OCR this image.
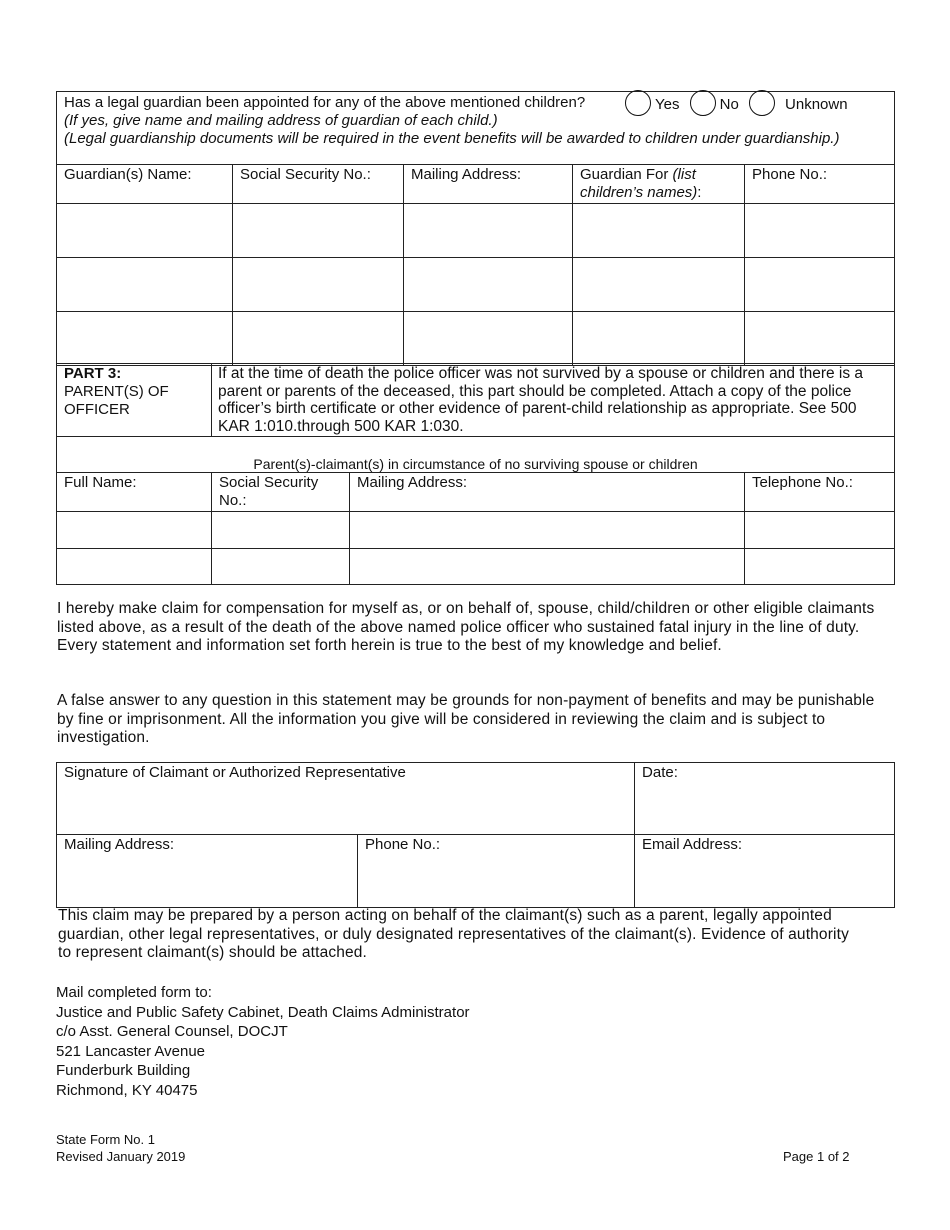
Has a legal guardian been appointed for any of the above mentioned children? Yes No Unknown
(If yes, give name and mailing address of guardian of each child.)
(Legal guardianship documents will be required in the event benefits will be awarded to children under guardianship.)				

Guardian(s) Name:	Social Security No.:	Mailing Address:	Guardian For (list children’s names):	Phone No.:

PART 3:
PARENT(S) OF OFFICER	If at the time of death the police officer was not survived by a spouse or children and there is a parent or parents of the deceased, this part should be completed. Attach a copy of the police officer’s birth certificate or other evidence of parent-child relationship as appropriate. See 500 KAR 1:010.through 500 KAR 1:030.		
Parent(s)-claimant(s) in circumstance of no surviving spouse or children			
Full Name:	Social Security No.:	Mailing Address:	Telephone No.:

I hereby make claim for compensation for myself as, or on behalf of, spouse, child/children or other eligible claimants listed above, as a result of the death of the above named police officer who sustained fatal injury in the line of duty. Every statement and information set forth herein is true to the best of my knowledge and belief.
A false answer to any question in this statement may be grounds for non-payment of benefits and may be punishable by fine or imprisonment. All the information you give will be considered in reviewing the claim and is subject to investigation.
Signature of Claimant or Authorized Representative		Date:
Mailing Address:	Phone No.:	Email Address:
This claim may be prepared by a person acting on behalf of the claimant(s) such as a parent, legally appointed guardian, other legal representatives, or duly designated representatives of the claimant(s). Evidence of authority to represent claimant(s) should be attached.
Mail completed form to:
Justice and Public Safety Cabinet, Death Claims Administrator
c/o Asst. General Counsel, DOCJT
521 Lancaster Avenue
Funderburk Building
Richmond, KY 40475
State Form No. 1
Revised January 2019	Page 1 of 2
